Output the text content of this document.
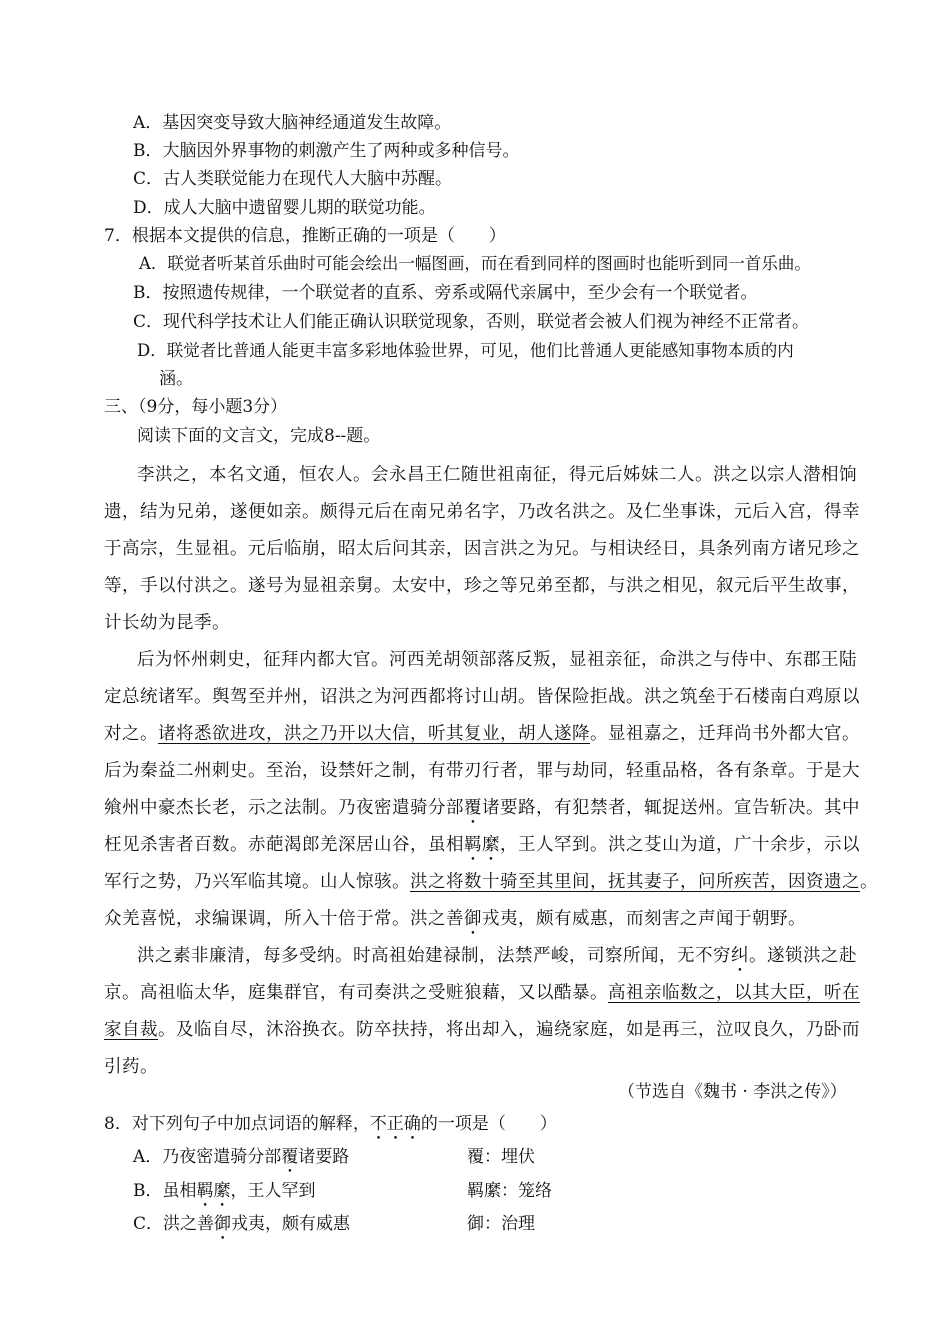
A．基因突变导致大脑神经通道发生故障。
B．大脑因外界事物的刺激产生了两种或多种信号。
C．古人类联觉能力在现代人大脑中苏醒。
D．成人大脑中遗留婴儿期的联觉功能。
7．根据本文提供的信息，推断正确的一项是（　　）
A．联觉者听某首乐曲时可能会绘出一幅图画，而在看到同样的图画时也能听到同一首乐曲。
B．按照遗传规律，一个联觉者的直系、旁系或隔代亲属中，至少会有一个联觉者。
C．现代科学技术让人们能正确认识联觉现象，否则，联觉者会被人们视为神经不正常者。
D．联觉者比普通人能更丰富多彩地体验世界，可见，他们比普通人更能感知事物本质的内
涵。
三、（9分，每小题3分）
阅读下面的文言文，完成8--题。
李洪之，本名文通，恒农人。会永昌王仁随世祖南征，得元后姊妹二人。洪之以宗人潜相饷
遗，结为兄弟，遂便如亲。颇得元后在南兄弟名字，乃改名洪之。及仁坐事诛，元后入宫，得幸
于高宗，生显祖。元后临崩，昭太后问其亲，因言洪之为兄。与相诀经日，具条列南方诸兄珍之
等，手以付洪之。遂号为显祖亲舅。太安中，珍之等兄弟至都，与洪之相见，叙元后平生故事，
计长幼为昆季。
后为怀州刺史，征拜内都大官。河西羌胡领部落反叛，显祖亲征，命洪之与侍中、东郡王陆
定总统诸军。舆驾至并州，诏洪之为河西都将讨山胡。皆保险拒战。洪之筑垒于石楼南白鸡原以
对之。诸将悉欲进攻，洪之乃开以大信，听其复业，胡人遂降。显祖嘉之，迁拜尚书外都大官。
后为秦益二州刺史。至治，设禁奸之制，有带刃行者，罪与劫同，轻重品格，各有条章。于是大
飨州中豪杰长老，示之法制。乃夜密遣骑分部覆诸要路，有犯禁者，辄捉送州。宣告斩决。其中
枉见杀害者百数。赤葩渴郎羌深居山谷，虽相羁縻，王人罕到。洪之芟山为道，广十余步，示以
军行之势，乃兴军临其境。山人惊骇。洪之将数十骑至其里间，抚其妻子，问所疾苦，因资遗之。
众羌喜悦，求编课调，所入十倍于常。洪之善御戎夷，颇有威惠，而刻害之声闻于朝野。
洪之素非廉清，每多受纳。时高祖始建禄制，法禁严峻，司察所闻，无不穷纠。遂锁洪之赴
京。高祖临太华，庭集群官，有司奏洪之受赃狼藉，又以酷暴。高祖亲临数之，以其大臣，听在
家自裁。及临自尽，沐浴换衣。防卒扶持，将出却入，遍绕家庭，如是再三，泣叹良久，乃卧而
引药。
（节选自《魏书 · 李洪之传》）
8．对下列句子中加点词语的解释，不正确的一项是（　　）
A．乃夜密遣骑分部覆诸要路	覆：埋伏
B．虽相羁縻，王人罕到	羁縻：笼络
C．洪之善御戎夷，颇有威惠	御：治理
